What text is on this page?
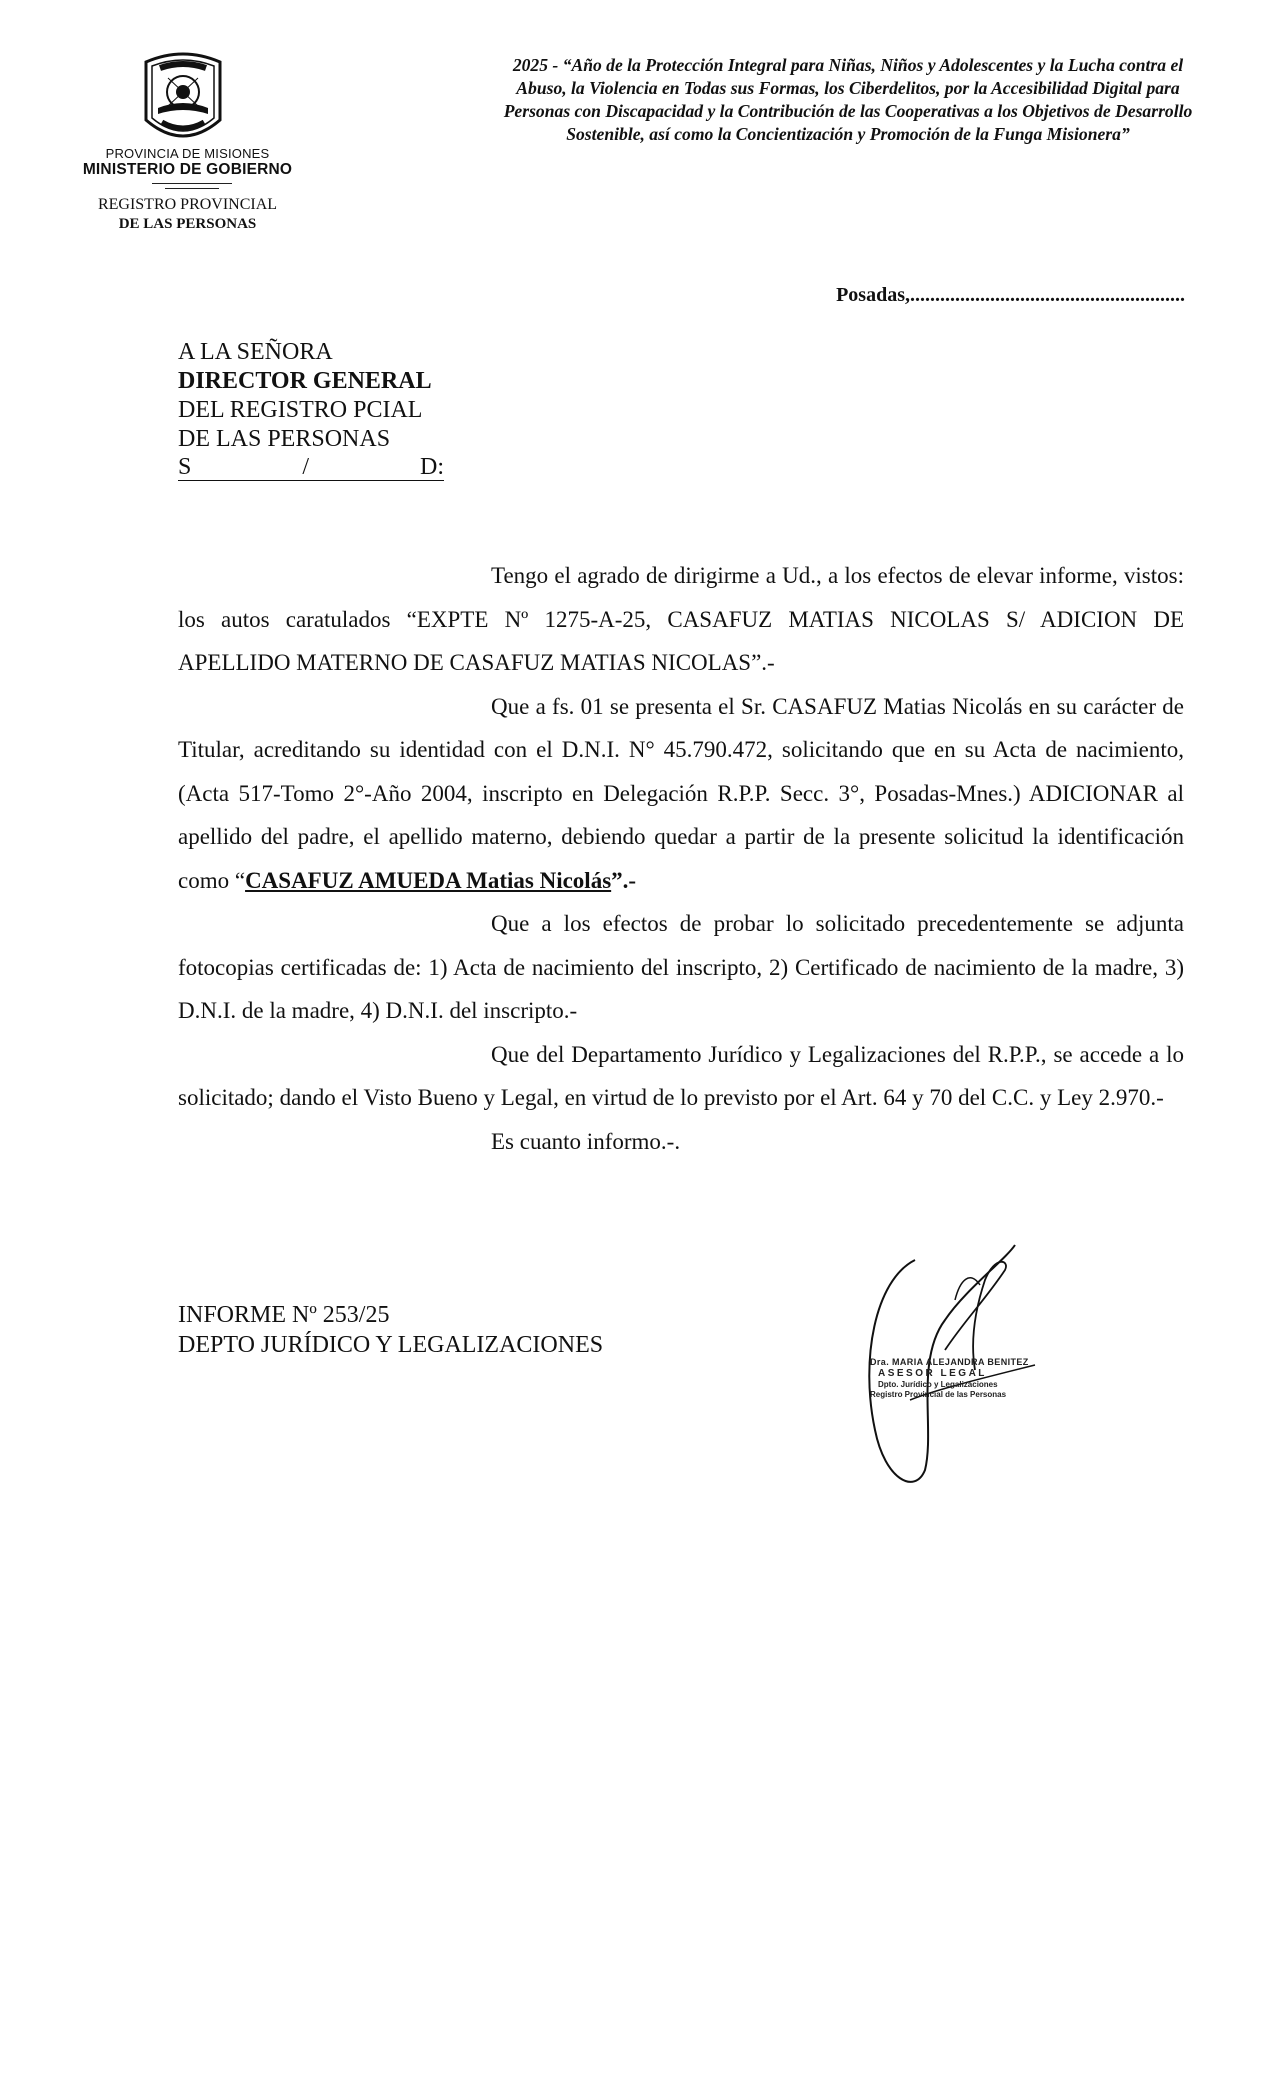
PROVINCIA DE MISIONES
MINISTERIO DE GOBIERNO
REGISTRO PROVINCIAL
DE LAS PERSONAS
2025 - “Año de la Protección Integral para Niñas, Niños y Adolescentes y la Lucha contra el Abuso, la Violencia en Todas sus Formas, los Ciberdelitos, por la Accesibilidad Digital para Personas con Discapacidad y la Contribución de las Cooperativas a los Objetivos de Desarrollo Sostenible, así como la Concientización y Promoción de la Funga Misionera”
Posadas,.......................................................
A LA SEÑORA
DIRECTOR GENERAL
DEL REGISTRO PCIAL
DE LAS PERSONAS
S	/	D:

Tengo el agrado de dirigirme a Ud., a los efectos de elevar informe, vistos: los autos caratulados “EXPTE Nº 1275-A-25, CASAFUZ MATIAS NICOLAS S/ ADICION DE APELLIDO MATERNO DE CASAFUZ MATIAS NICOLAS”.-

Que a fs. 01 se presenta el Sr. CASAFUZ Matias Nicolás en su carácter de Titular, acreditando su identidad con el D.N.I. N° 45.790.472, solicitando que en su Acta de nacimiento, (Acta 517-Tomo 2°-Año 2004, inscripto en Delegación R.P.P. Secc. 3°, Posadas-Mnes.) ADICIONAR al apellido del padre, el apellido materno, debiendo quedar a partir de la presente solicitud la identificación como “CASAFUZ AMUEDA Matias Nicolás”.-

Que a los efectos de probar lo solicitado precedentemente se adjunta fotocopias certificadas de: 1) Acta de nacimiento del inscripto, 2) Certificado de nacimiento de la madre, 3) D.N.I. de la madre, 4) D.N.I. del inscripto.-

Que del Departamento Jurídico y Legalizaciones del R.P.P., se accede a lo solicitado; dando el Visto Bueno y Legal, en virtud de lo previsto por el Art. 64 y 70 del C.C. y Ley 2.970.-

Es cuanto informo.-.

INFORME Nº 253/25
DEPTO JURÍDICO Y LEGALIZACIONES
Dra. MARIA ALEJANDRA BENITEZ
ASESOR LEGAL
Dpto. Jurídico y Legalizaciones
Registro Provincial de las Personas
